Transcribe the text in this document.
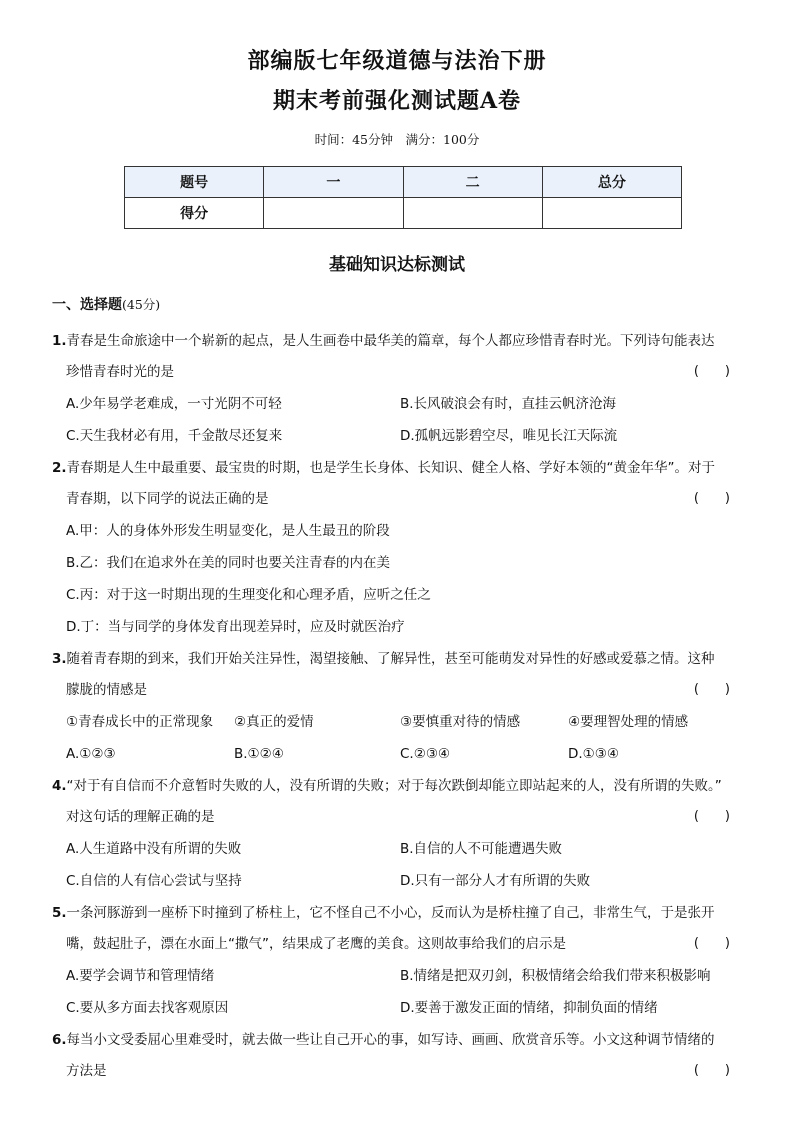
部编版七年级道德与法治下册
期末考前强化测试题A卷
时间：45分钟　满分：100分
题号	一	二	总分
得分			
基础知识达标测试
一、选择题(45分)
1.青春是生命旅途中一个崭新的起点，是人生画卷中最华美的篇章，每个人都应珍惜青春时光。下列诗句能表达
珍惜青春时光的是	(　　)
A.少年易学老难成，一寸光阴不可轻	B.长风破浪会有时，直挂云帆济沧海
C.天生我材必有用，千金散尽还复来	D.孤帆远影碧空尽，唯见长江天际流
2.青春期是人生中最重要、最宝贵的时期，也是学生长身体、长知识、健全人格、学好本领的“黄金年华”。对于
青春期，以下同学的说法正确的是	(　　)
A.甲：人的身体外形发生明显变化，是人生最丑的阶段
B.乙：我们在追求外在美的同时也要关注青春的内在美
C.丙：对于这一时期出现的生理变化和心理矛盾，应听之任之
D.丁：当与同学的身体发育出现差异时，应及时就医治疗
3.随着青春期的到来，我们开始关注异性，渴望接触、了解异性，甚至可能萌发对异性的好感或爱慕之情。这种
朦胧的情感是	(　　)
①青春成长中的正常现象 ②真正的爱情	③要慎重对待的情感	④要理智处理的情感
A.①②③	B.①②④	C.②③④	D.①③④
4.“对于有自信而不介意暂时失败的人，没有所谓的失败；对于每次跌倒却能立即站起来的人，没有所谓的失败。”
对这句话的理解正确的是	(　　)
A.人生道路中没有所谓的失败	B.自信的人不可能遭遇失败
C.自信的人有信心尝试与坚持	D.只有一部分人才有所谓的失败
5.一条河豚游到一座桥下时撞到了桥柱上，它不怪自己不小心，反而认为是桥柱撞了自己，非常生气，于是张开
嘴，鼓起肚子，漂在水面上“撒气”，结果成了老鹰的美食。这则故事给我们的启示是	(　　)
A.要学会调节和管理情绪	B.情绪是把双刃剑，积极情绪会给我们带来积极影响
C.要从多方面去找客观原因	D.要善于激发正面的情绪，抑制负面的情绪
6.每当小文受委屈心里难受时，就去做一些让自己开心的事，如写诗、画画、欣赏音乐等。小文这种调节情绪的
方法是	(　　)
